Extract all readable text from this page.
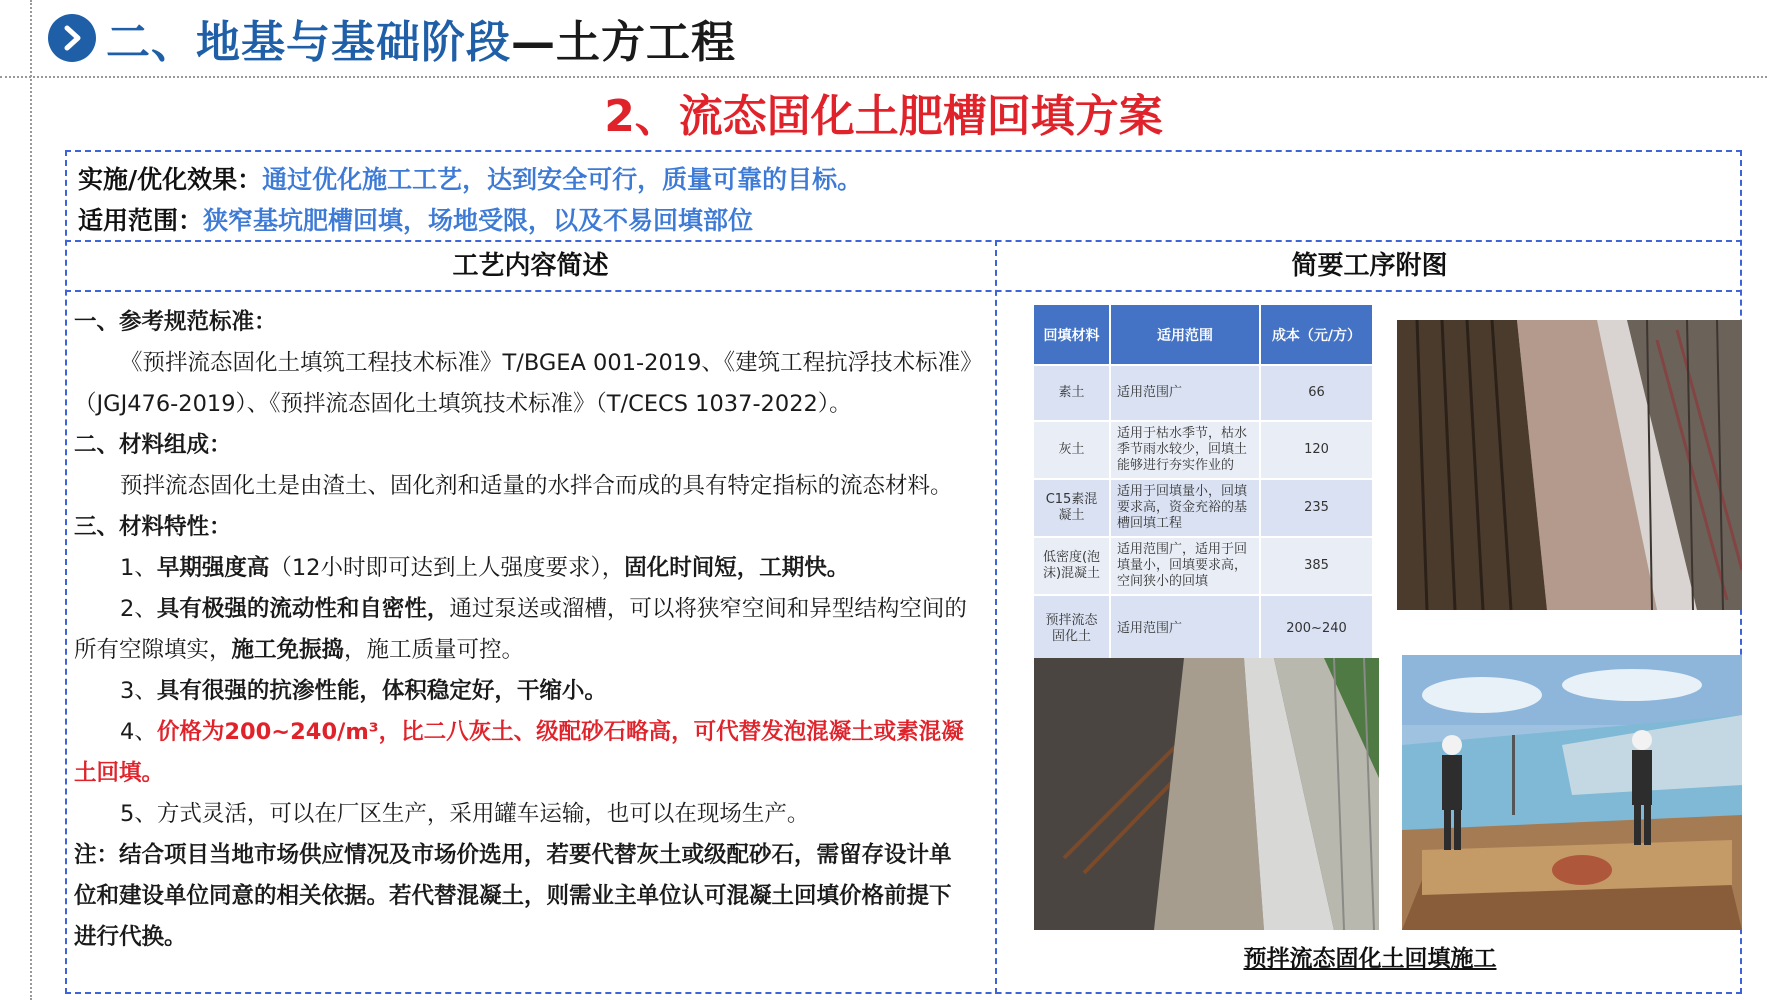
二、地基与基础阶段—土方工程
2、流态固化土肥槽回填方案
实施/优化效果：通过优化施工工艺，达到安全可行，质量可靠的目标。
适用范围：狭窄基坑肥槽回填，场地受限，以及不易回填部位
工艺内容简述	简要工序附图

一、参考规范标准：

《预拌流态固化土填筑工程技术标准》T/BGEA 001-2019、《建筑工程抗浮技术标准》

（JGJ476-2019）、《预拌流态固化土填筑技术标准》（T/CECS 1037-2022）。

二、材料组成：

预拌流态固化土是由渣土、固化剂和适量的水拌合而成的具有特定指标的流态材料。

三、材料特性：

1、早期强度高（12小时即可达到上人强度要求），固化时间短，工期快。

2、具有极强的流动性和自密性，通过泵送或溜槽，可以将狭窄空间和异型结构空间的

所有空隙填实，施工免振捣，施工质量可控。

3、具有很强的抗渗性能，体积稳定好，干缩小。

4、价格为200~240/m³，比二八灰土、级配砂石略高，可代替发泡混凝土或素混凝

土回填。

5、方式灵活，可以在厂区生产，采用罐车运输，也可以在现场生产。

注：结合项目当地市场供应情况及市场价选用，若要代替灰土或级配砂石，需留存设计单

位和建设单位同意的相关依据。若代替混凝土，则需业主单位认可混凝土回填价格前提下

进行代换。

回填材料	适用范围	成本（元/方）
素土	适用范围广	66
灰土	适用于枯水季节，枯水季节雨水较少，回填土能够进行夯实作业的	120
C15素混凝土	适用于回填量小，回填要求高，资金充裕的基槽回填工程	235
低密度(泡沫)混凝土	适用范围广，适用于回填量小，回填要求高，空间狭小的回填	385
预拌流态固化土	适用范围广	200~240
预拌流态固化土回填施工
